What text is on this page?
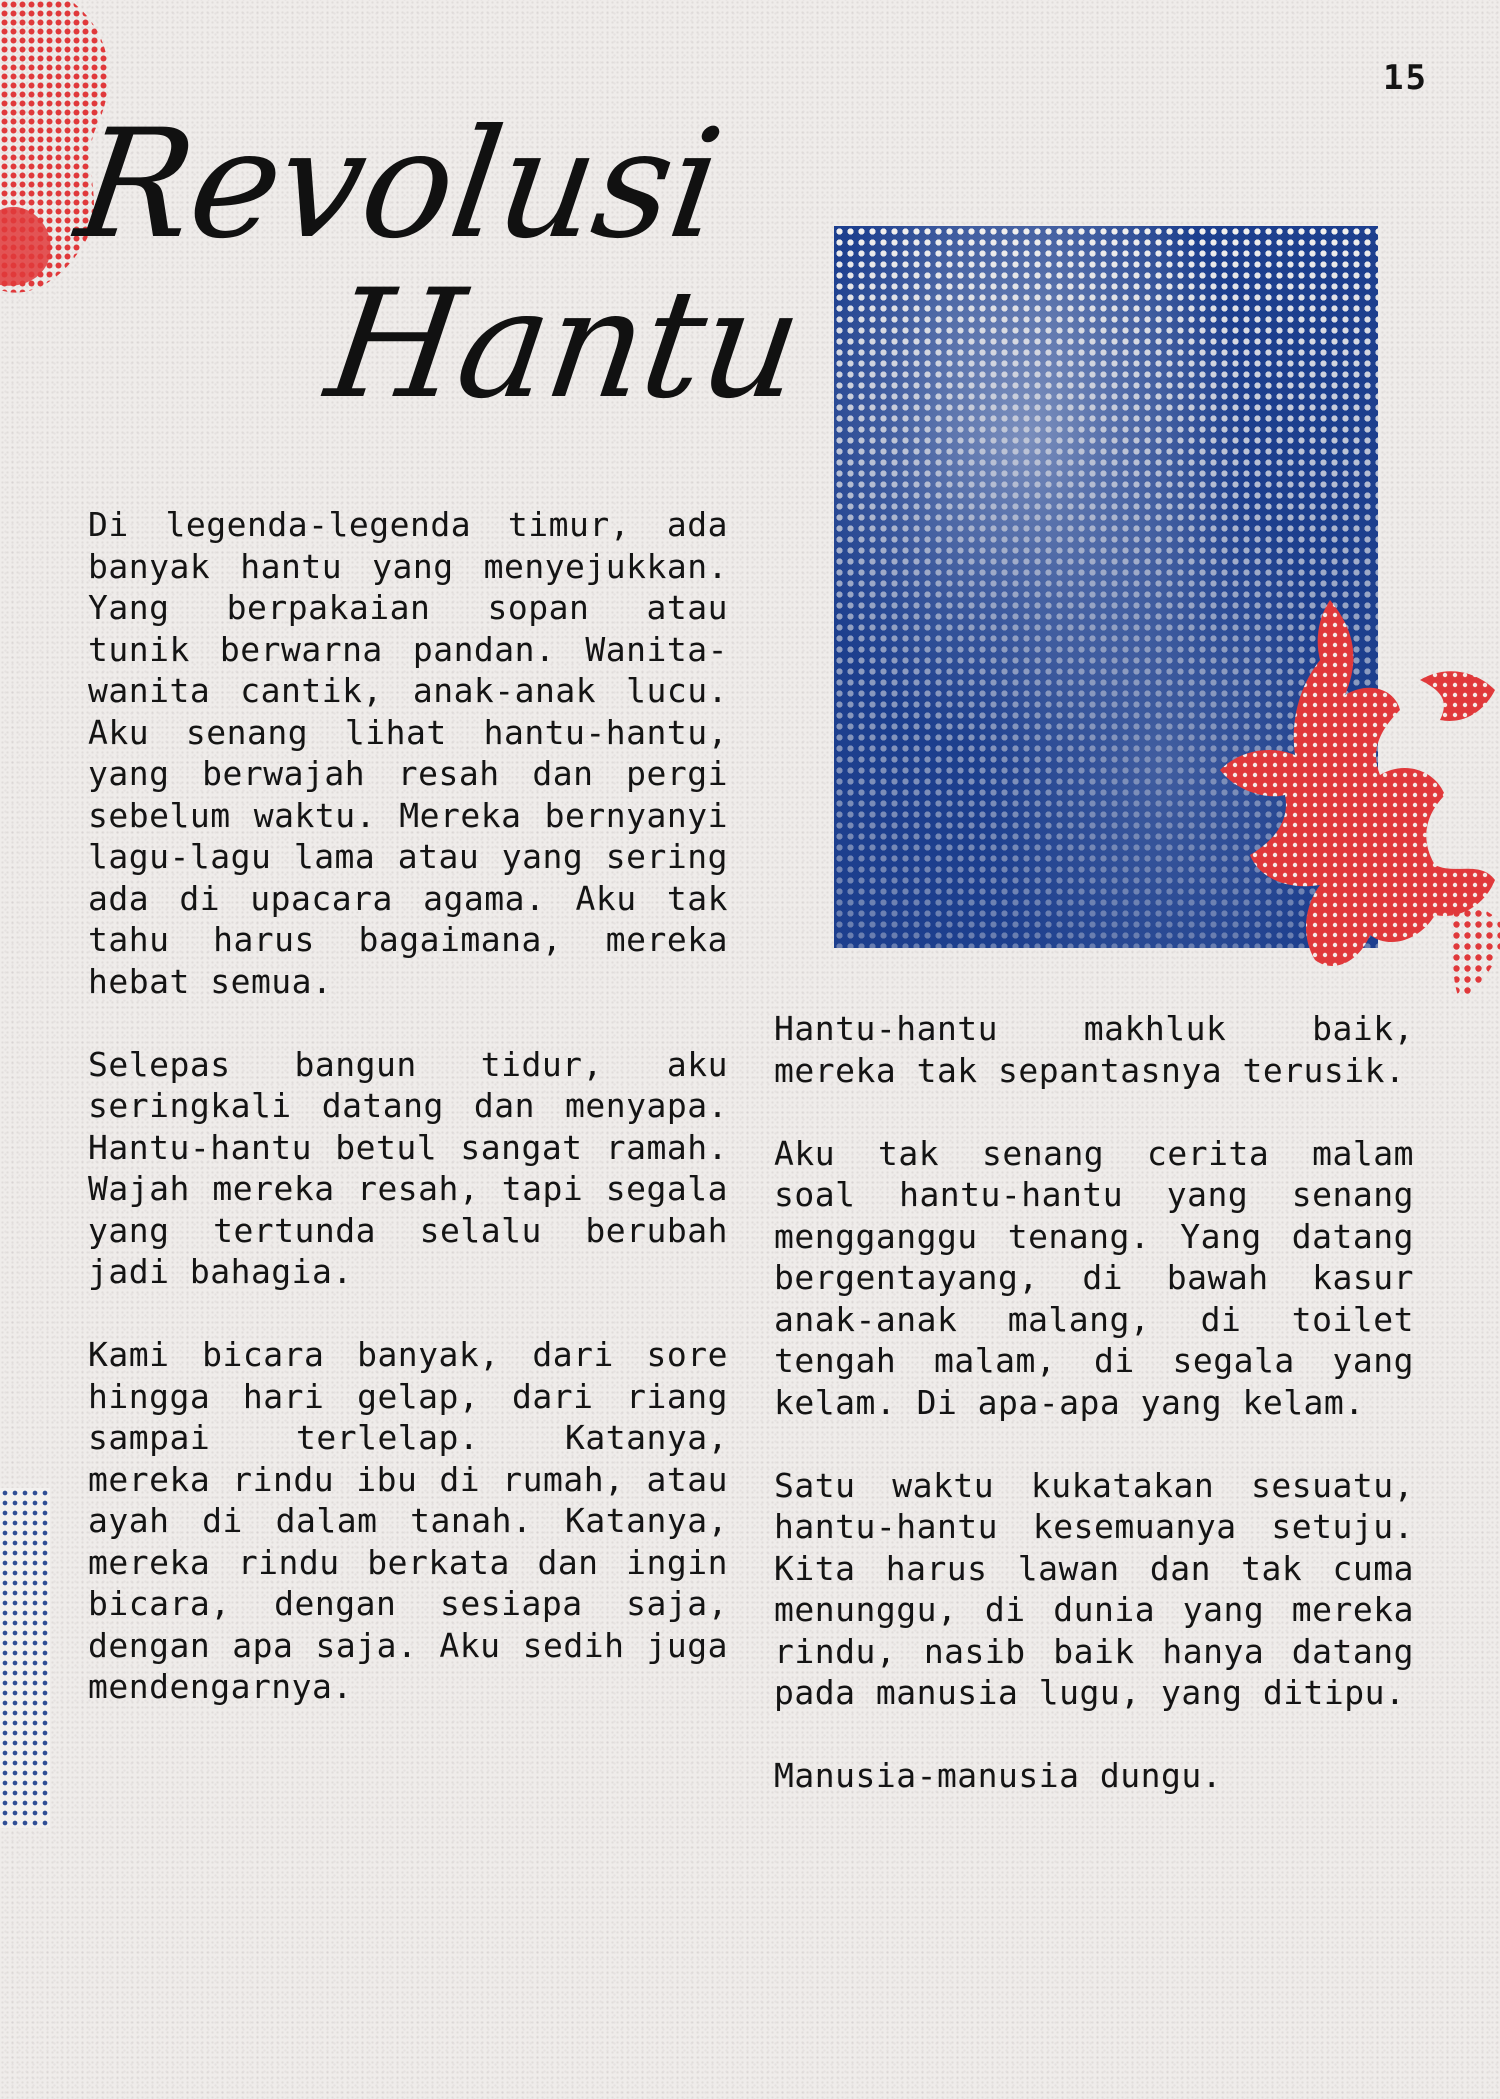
15
Revolusi
Hantu

Di legenda-legenda timur, ada banyak hantu yang menyejukkan. Yang berpakaian sopan atau tunik berwarna pandan. Wanita-wanita cantik, anak-anak lucu. Aku senang lihat hantu-hantu, yang berwajah resah dan pergi sebelum waktu. Mereka bernyanyi lagu-lagu lama atau yang sering ada di upacara agama. Aku tak tahu harus bagaimana, mereka hebat semua.

Selepas bangun tidur, aku seringkali datang dan menyapa. Hantu-hantu betul sangat ramah. Wajah mereka resah, tapi segala yang tertunda selalu berubah jadi bahagia.

Kami bicara banyak, dari sore hingga hari gelap, dari riang sampai terlelap. Katanya, mereka rindu ibu di rumah, atau ayah di dalam tanah. Katanya, mereka rindu berkata dan ingin bicara, dengan sesiapa saja, dengan apa saja. Aku sedih juga mendengarnya.

Hantu-hantu makhluk baik, mereka tak sepantasnya terusik.

Aku tak senang cerita malam soal hantu-hantu yang senang mengganggu tenang. Yang datang bergentayang, di bawah kasur anak-anak malang, di toilet tengah malam, di segala yang kelam. Di apa-apa yang kelam.

Satu waktu kukatakan sesuatu, hantu-hantu kesemuanya setuju. Kita harus lawan dan tak cuma menunggu, di dunia yang mereka rindu, nasib baik hanya datang pada manusia lugu, yang ditipu.

Manusia-manusia dungu.
